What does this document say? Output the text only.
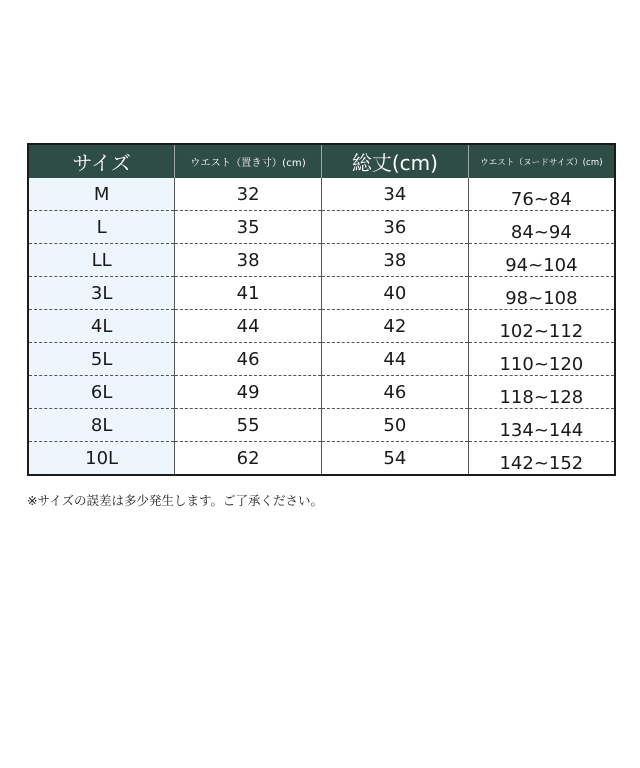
サイズ	ウエスト（置き寸）(cm)	総丈(cm)	ウエスト（ヌードサイズ）(cm)
M	32	34	76~84
L	35	36	84~94
LL	38	38	94~104
3L	41	40	98~108
4L	44	42	102~112
5L	46	44	110~120
6L	49	46	118~128
8L	55	50	134~144
10L	62	54	142~152
※サイズの誤差は多少発生します。ご了承ください。
